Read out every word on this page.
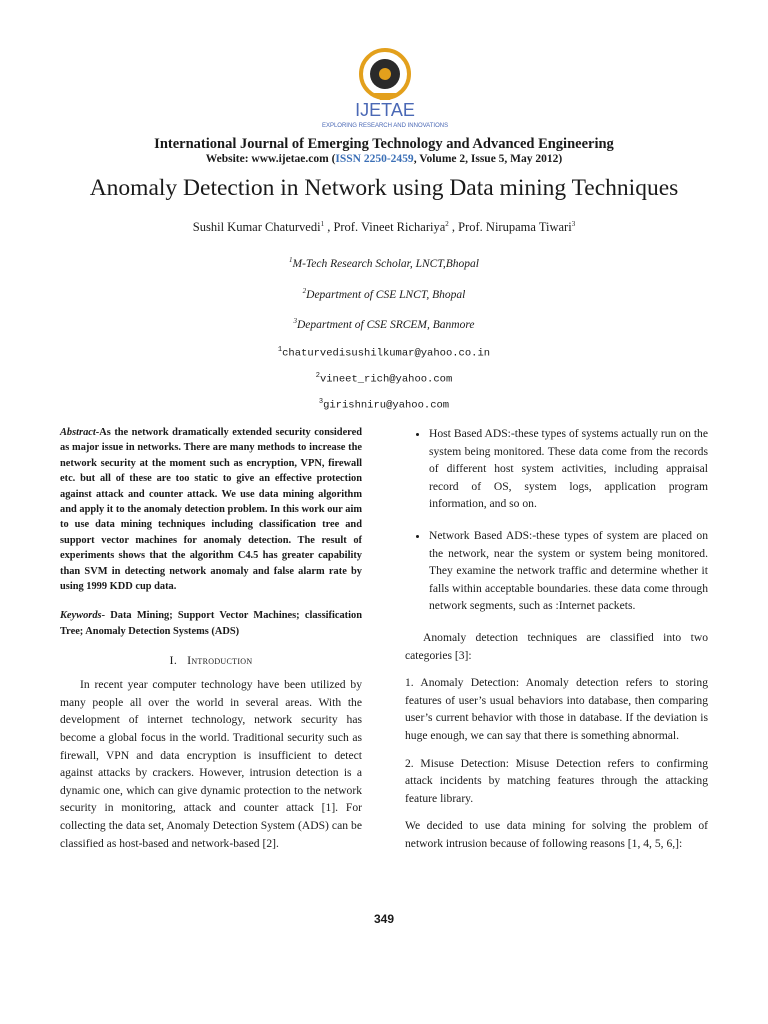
IJETAE
EXPLORING RESEARCH AND INNOVATIONS
International Journal of Emerging Technology and Advanced Engineering
Website: www.ijetae.com (ISSN 2250-2459, Volume 2, Issue 5, May 2012)
Anomaly Detection in Network using Data mining Techniques
Sushil Kumar Chaturvedi$^1$ , Prof. Vineet Richariya$^2$ , Prof. Nirupama Tiwari$^3$
$^1$M-Tech Research Scholar, LNCT,Bhopal
$^2$Department of CSE LNCT, Bhopal
$^3$Department of CSE SRCEM, Banmore
$^1$chaturvedisushilkumar@yahoo.co.in
$^2$vineet_rich@yahoo.com
$^3$girishniru@yahoo.com

Abstract-As the network dramatically extended security considered as major issue in networks. There are many methods to increase the network security at the moment such as encryption, VPN, firewall etc. but all of these are too static to give an effective protection against attack and counter attack. We use data mining algorithm and apply it to the anomaly detection problem. In this work our aim to use data mining techniques including classification tree and support vector machines for anomaly detection. The result of experiments shows that the algorithm C4.5 has greater capability than SVM in detecting network anomaly and false alarm rate by using 1999 KDD cup data.

Keywords- Data Mining; Support Vector Machines; classification Tree; Anomaly Detection Systems (ADS)

I. Introduction

In recent year computer technology have been utilized by many people all over the world in several areas. With the development of internet technology, network security has become a global focus in the world. Traditional security such as firewall, VPN and data encryption is insufficient to detect against attacks by crackers. However, intrusion detection is a dynamic one, which can give dynamic protection to the network security in monitoring, attack and counter attack [1]. For collecting the data set, Anomaly Detection System (ADS) can be classified as host-based and network-based [2].

• Host Based ADS:-these types of systems actually run on the system being monitored. These data come from the records of different host system activities, including appraisal record of OS, system logs, application program information, and so on.
• Network Based ADS:-these types of system are placed on the network, near the system or system being monitored. They examine the network traffic and determine whether it falls within acceptable boundaries. these data come through network segments, such as :Internet packets.

Anomaly detection techniques are classified into two categories [3]:

1. Anomaly Detection: Anomaly detection refers to storing features of user’s usual behaviors into database, then comparing user’s current behavior with those in database. If the deviation is huge enough, we can say that there is something abnormal.

2. Misuse Detection: Misuse Detection refers to confirming attack incidents by matching features through the attacking feature library.

We decided to use data mining for solving the problem of network intrusion because of following reasons [1, 4, 5, 6,]:

349
